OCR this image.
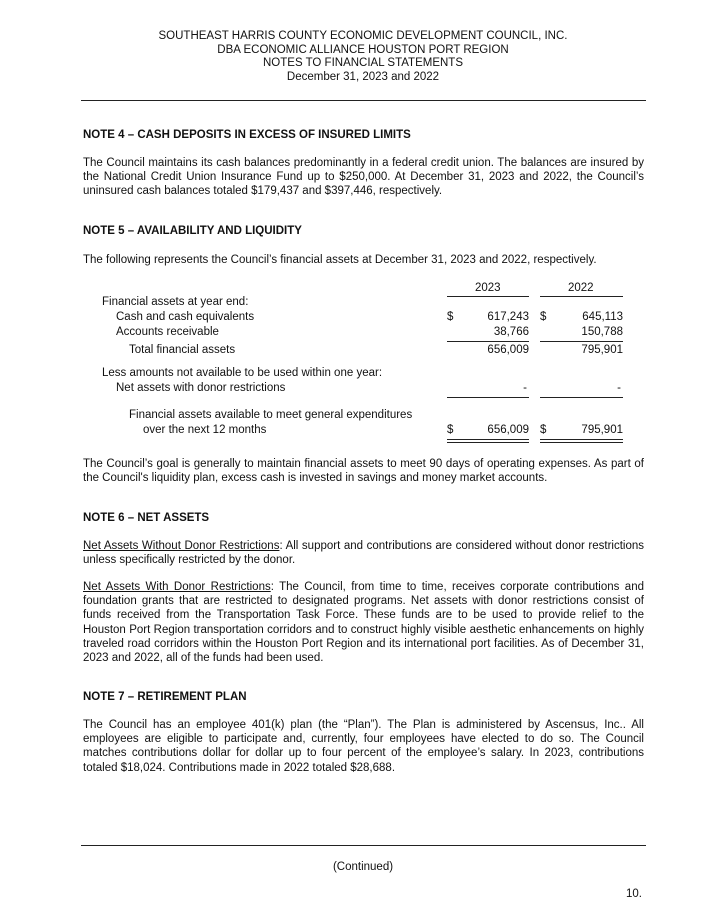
SOUTHEAST HARRIS COUNTY ECONOMIC DEVELOPMENT COUNCIL, INC.
DBA ECONOMIC ALLIANCE HOUSTON PORT REGION
NOTES TO FINANCIAL STATEMENTS
December 31, 2023 and 2022
NOTE 4 – CASH DEPOSITS IN EXCESS OF INSURED LIMITS
The Council maintains its cash balances predominantly in a federal credit union. The balances are insured by the National Credit Union Insurance Fund up to $250,000. At December 31, 2023 and 2022, the Council’s uninsured cash balances totaled $179,437 and $397,446, respectively.
NOTE 5 – AVAILABILITY AND LIQUIDITY
The following represents the Council’s financial assets at December 31, 2023 and 2022, respectively.
2023	2022
Financial assets at year end:
Cash and cash equivalents	$	617,243 $	645,113
Accounts receivable	38,766	150,788
Total financial assets	656,009	795,901
Less amounts not available to be used within one year:
Net assets with donor restrictions	-	-
Financial assets available to meet general expenditures
over the next 12 months	$	656,009 $	795,901
The Council’s goal is generally to maintain financial assets to meet 90 days of operating expenses. As part of the Council's liquidity plan, excess cash is invested in savings and money market accounts.
NOTE 6 – NET ASSETS
Net Assets Without Donor Restrictions: All support and contributions are considered without donor restrictions unless specifically restricted by the donor.
Net Assets With Donor Restrictions: The Council, from time to time, receives corporate contributions and foundation grants that are restricted to designated programs. Net assets with donor restrictions consist of funds received from the Transportation Task Force. These funds are to be used to provide relief to the Houston Port Region transportation corridors and to construct highly visible aesthetic enhancements on highly traveled road corridors within the Houston Port Region and its international port facilities. As of December 31, 2023 and 2022, all of the funds had been used.
NOTE 7 – RETIREMENT PLAN
The Council has an employee 401(k) plan (the “Plan”). The Plan is administered by Ascensus, Inc.. All employees are eligible to participate and, currently, four employees have elected to do so. The Council matches contributions dollar for dollar up to four percent of the employee’s salary. In 2023, contributions totaled $18,024. Contributions made in 2022 totaled $28,688.
(Continued)
10.
